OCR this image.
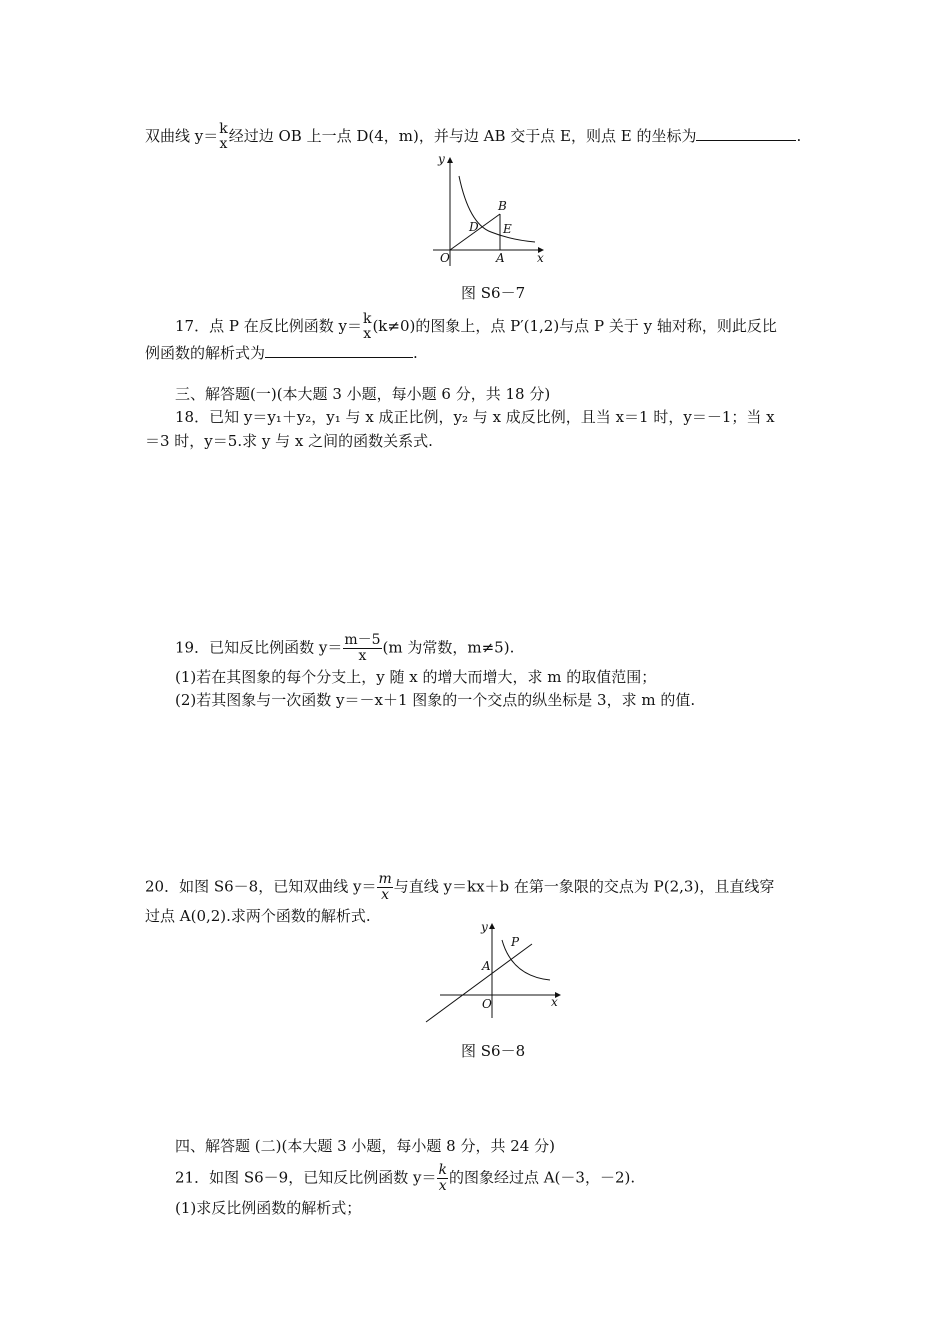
双曲线 y＝ k
x 经过边 OB 上一点 D(4，m)，并与边 AB 交于点 E，则点 E 的坐标为	.
y
x
O	A
B
D E
图 S6－7
17．点 P 在反比例函数 y＝ k
x (k≠0)的图象上，点 P′(1,2)与点 P 关于 y 轴对称，则此反比
例函数的解析式为	.
三、解答题(一)(本大题 3 小题，每小题 6 分，共 18 分)
18．已知 y＝y₁＋y₂，y₁ 与 x 成正比例，y₂ 与 x 成反比例，且当 x＝1 时，y＝－1；当 x
＝3 时，y＝5.求 y 与 x 之间的函数关系式.
19．已知反比例函数 $y= \frac{m-5}{x} (m$ 为常数，m≠5).
(1)若在其图象的每个分支上，y 随 x 的增大而增大，求 m 的取值范围；
(2)若其图象与一次函数 y＝－x＋1 图象的一个交点的纵坐标是 3，求 m 的值.
20．如图 S6－8，已知双曲线 $y= \frac{m}{x}$ 与直线 y＝kx＋b 在第一象限的交点为 P(2,3)，且直线穿
过点 A(0,2).求两个函数的解析式.
y
x
O
A
P
图 S6－8
四、解答题 (二)(本大题 3 小题，每小题 8 分，共 24 分)
21．如图 S6－9，已知反比例函数 $y= \frac{k}{x}$ 的图象经过点 A(－3，－2).
(1)求反比例函数的解析式；
